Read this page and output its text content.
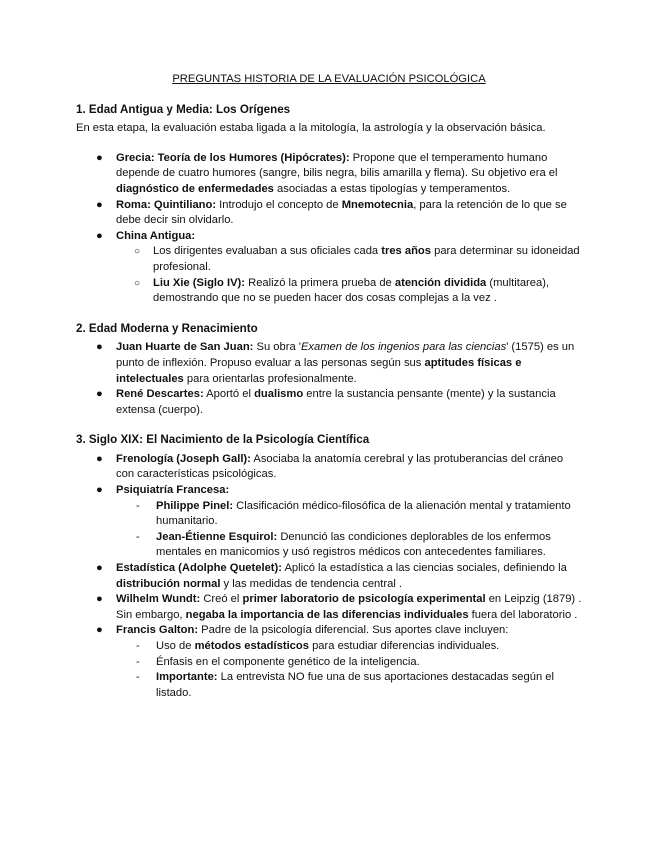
PREGUNTAS HISTORIA DE LA EVALUACIÓN PSICOLÓGICA

1. Edad Antigua y Media: Los Orígenes

En esta etapa, la evaluación estaba ligada a la mitología, la astrología y la observación básica.

● Grecia: Teoría de los Humores (Hipócrates): Propone que el temperamento humano depende de cuatro humores (sangre, bilis negra, bilis amarilla y flema). Su objetivo era el diagnóstico de enfermedades asociadas a estas tipologías y temperamentos.
● Roma: Quintiliano: Introdujo el concepto de Mnemotecnia, para la retención de lo que se debe decir sin olvidarlo.
● China Antigua:
○ Los dirigentes evaluaban a sus oficiales cada tres años para determinar su idoneidad profesional.
○ Liu Xie (Siglo IV): Realizó la primera prueba de atención dividida (multitarea), demostrando que no se pueden hacer dos cosas complejas a la vez .

2. Edad Moderna y Renacimiento

● Juan Huarte de San Juan: Su obra 'Examen de los ingenios para las ciencias' (1575) es un punto de inflexión. Propuso evaluar a las personas según sus aptitudes físicas e intelectuales para orientarlas profesionalmente.
● René Descartes: Aportó el dualismo entre la sustancia pensante (mente) y la sustancia extensa (cuerpo).

3. Siglo XIX: El Nacimiento de la Psicología Científica

● Frenología (Joseph Gall): Asociaba la anatomía cerebral y las protuberancias del cráneo con características psicológicas.
● Psiquiatría Francesa:
- Philippe Pinel: Clasificación médico-filosófica de la alienación mental y tratamiento humanitario.
- Jean-Étienne Esquirol: Denunció las condiciones deplorables de los enfermos mentales en manicomios y usó registros médicos con antecedentes familiares.
● Estadística (Adolphe Quetelet): Aplicó la estadística a las ciencias sociales, definiendo la distribución normal y las medidas de tendencia central .
● Wilhelm Wundt: Creó el primer laboratorio de psicología experimental en Leipzig (1879) . Sin embargo, negaba la importancia de las diferencias individuales fuera del laboratorio .
● Francis Galton: Padre de la psicología diferencial. Sus aportes clave incluyen:
- Uso de métodos estadísticos para estudiar diferencias individuales.
- Énfasis en el componente genético de la inteligencia.
- Importante: La entrevista NO fue una de sus aportaciones destacadas según el listado.
